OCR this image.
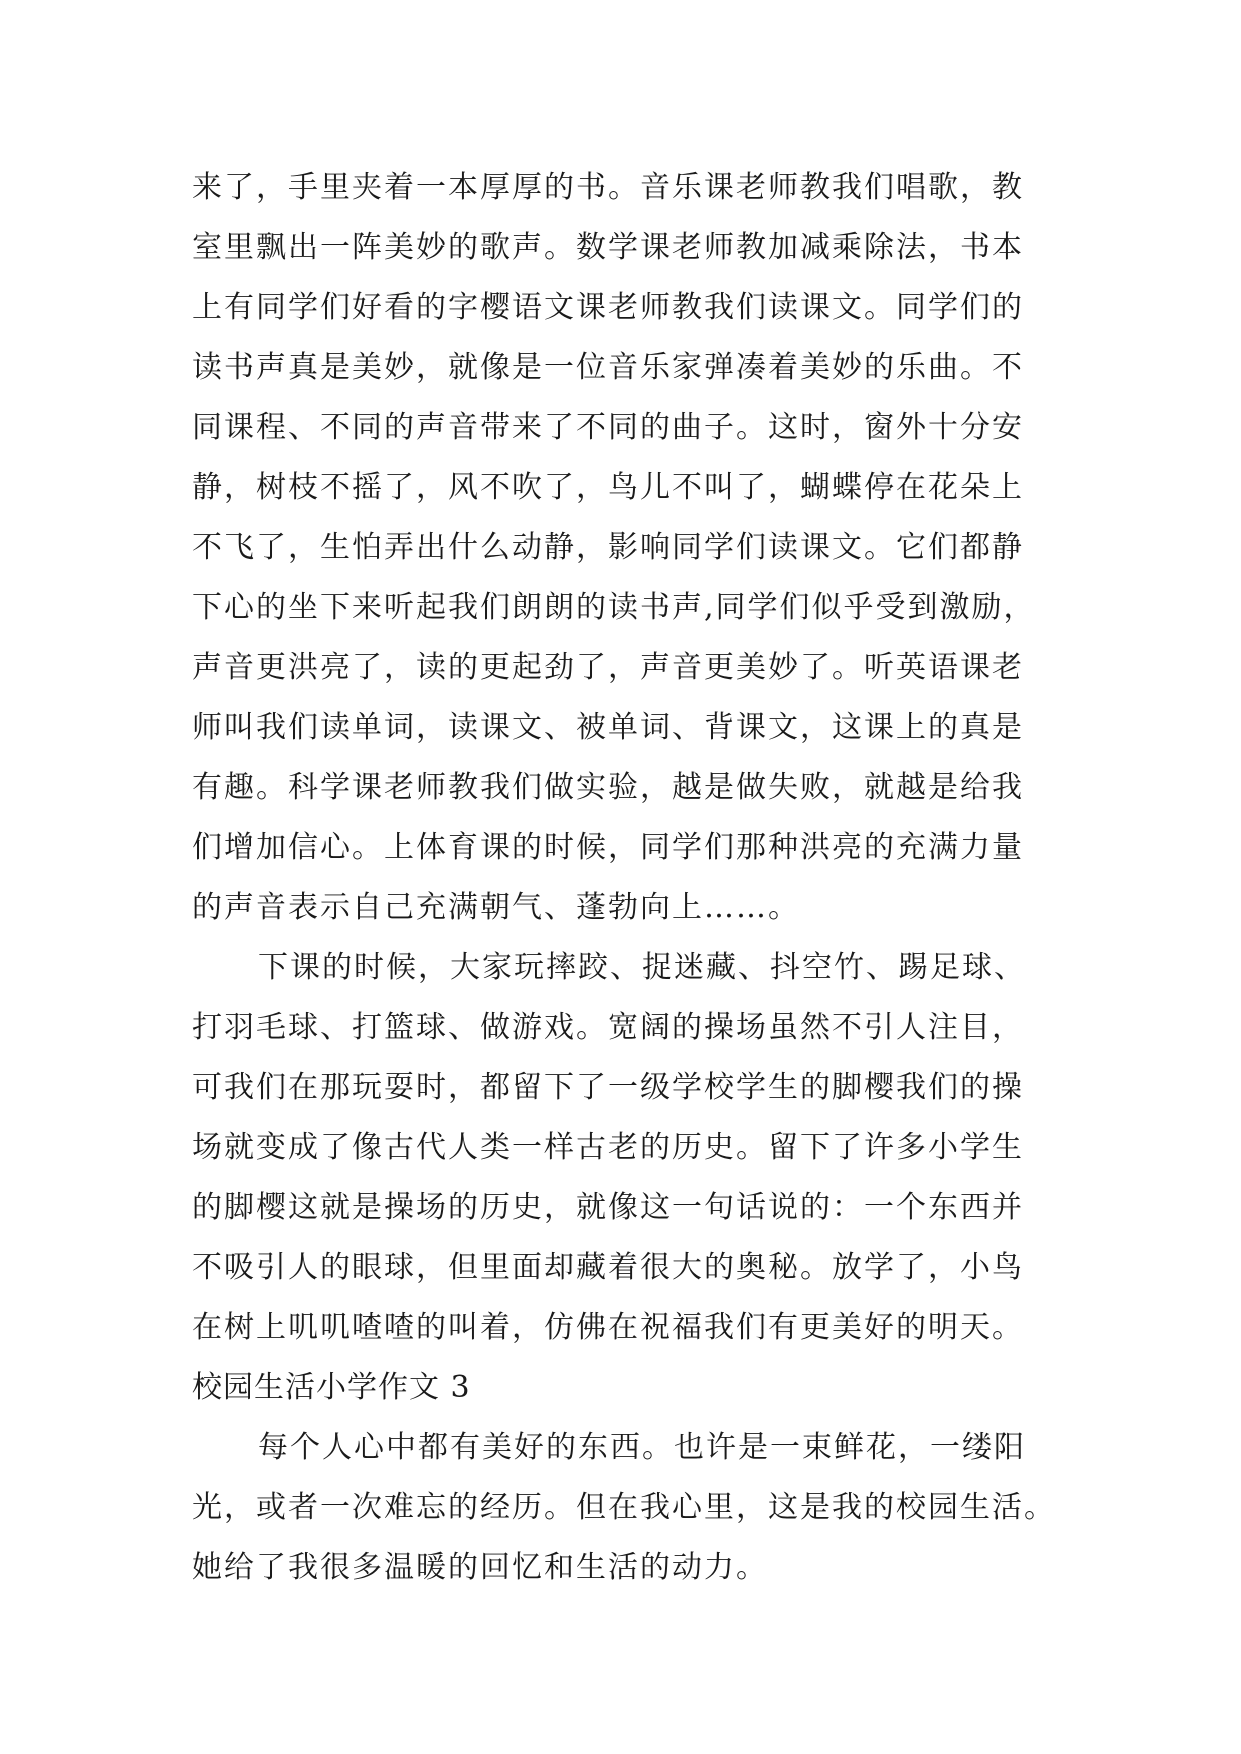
来了，手里夹着一本厚厚的书。音乐课老师教我们唱歌，教
室里飘出一阵美妙的歌声。数学课老师教加减乘除法，书本
上有同学们好看的字樱语文课老师教我们读课文。同学们的
读书声真是美妙，就像是一位音乐家弹凑着美妙的乐曲。不
同课程、不同的声音带来了不同的曲子。这时，窗外十分安
静，树枝不摇了，风不吹了，鸟儿不叫了，蝴蝶停在花朵上
不飞了，生怕弄出什么动静，影响同学们读课文。它们都静
下心的坐下来听起我们朗朗的读书声,同学们似乎受到激励，
声音更洪亮了，读的更起劲了，声音更美妙了。听英语课老
师叫我们读单词，读课文、被单词、背课文，这课上的真是
有趣。科学课老师教我们做实验，越是做失败，就越是给我
们增加信心。上体育课的时候，同学们那种洪亮的充满力量
的声音表示自己充满朝气、蓬勃向上……。
下课的时候，大家玩摔跤、捉迷藏、抖空竹、踢足球、
打羽毛球、打篮球、做游戏。宽阔的操场虽然不引人注目，
可我们在那玩耍时，都留下了一级学校学生的脚樱我们的操
场就变成了像古代人类一样古老的历史。留下了许多小学生
的脚樱这就是操场的历史，就像这一句话说的：一个东西并
不吸引人的眼球，但里面却藏着很大的奥秘。放学了，小鸟
在树上叽叽喳喳的叫着，仿佛在祝福我们有更美好的明天。
校园生活小学作文 3
每个人心中都有美好的东西。也许是一束鲜花，一缕阳
光，或者一次难忘的经历。但在我心里，这是我的校园生活。
她给了我很多温暖的回忆和生活的动力。
